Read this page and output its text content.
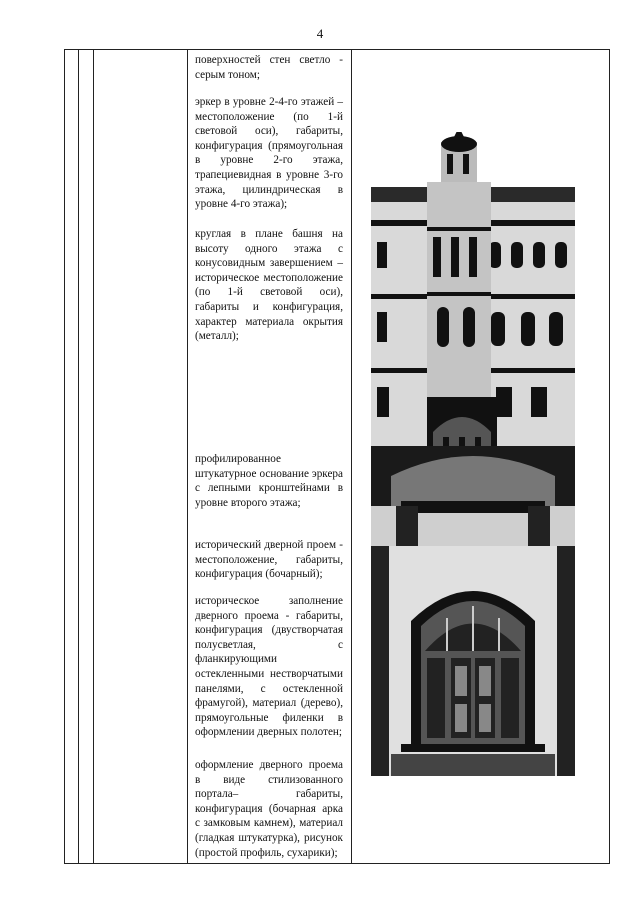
4
поверхностей стен светло - серым тоном;
эркер в уровне 2-4-го этажей – местоположение (по 1-й световой оси), габариты, конфигурация (прямоугольная в уровне 2-го этажа, трапециевидная в уровне 3-го этажа, цилиндрическая в уровне 4-го этажа);
круглая в плане башня на высоту одного этажа с конусовидным завершением – историческое местоположение (по 1-й световой оси), габариты и конфигурация, характер материала окрытия (металл);
профилированное штукатурное основание эркера с лепными кронштейнами в уровне второго этажа;
исторический дверной проем - местоположение, габариты, конфигурация (бочарный);
историческое заполнение дверного проема - габариты, конфигурация (двустворчатая полусветлая, с фланкирующими остекленными нестворчатыми панелями, с остекленной фрамугой), материал (дерево), прямоугольные филенки в оформлении дверных полотен;
оформление дверного проема в виде стилизованного портала– габариты, конфигурация (бочарная арка с замковым камнем), материал (гладкая штукатурка), рисунок (простой профиль, сухарики);
